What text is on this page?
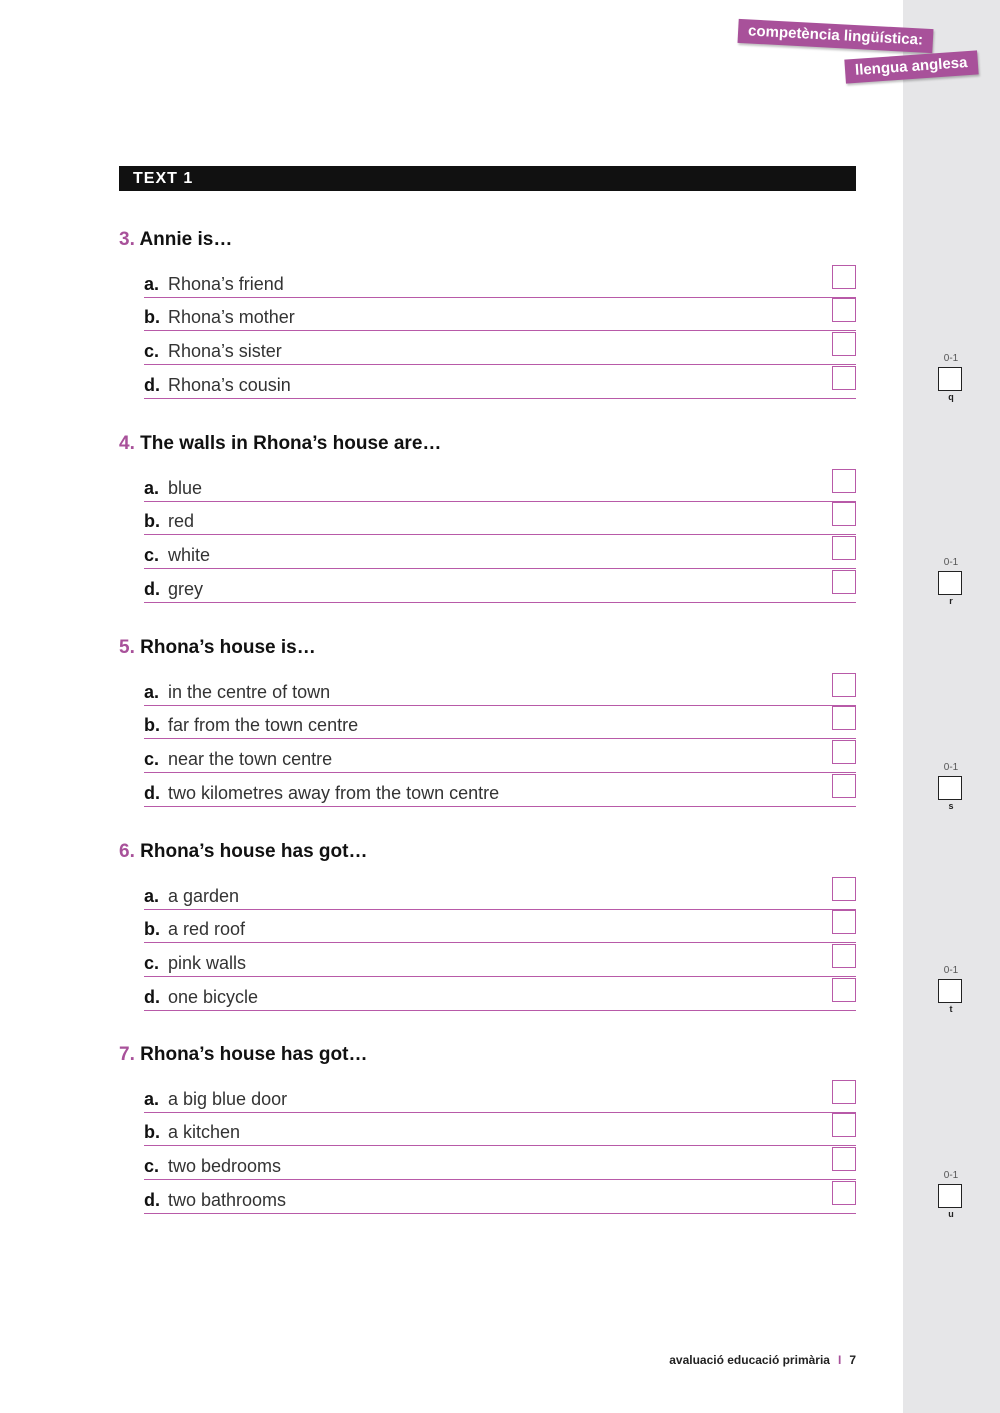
competència lingüística:
llengua anglesa
TEXT 1
3. Annie is…
a. Rhona’s friend
b. Rhona’s mother
c. Rhona’s sister
d. Rhona’s cousin
4. The walls in Rhona’s house are…
a. blue
b. red
c. white
d. grey
5. Rhona’s house is…
a. in the centre of town
b. far from the town centre
c. near the town centre
d. two kilometres away from the town centre
6. Rhona’s house has got…
a. a garden
b. a red roof
c. pink walls
d. one bicycle
7. Rhona’s house has got…
a. a big blue door
b. a kitchen
c. two bedrooms
d. two bathrooms
0-1
q
0-1
r
0-1
s
0-1
t
0-1
u
avaluació educació primària I 7
